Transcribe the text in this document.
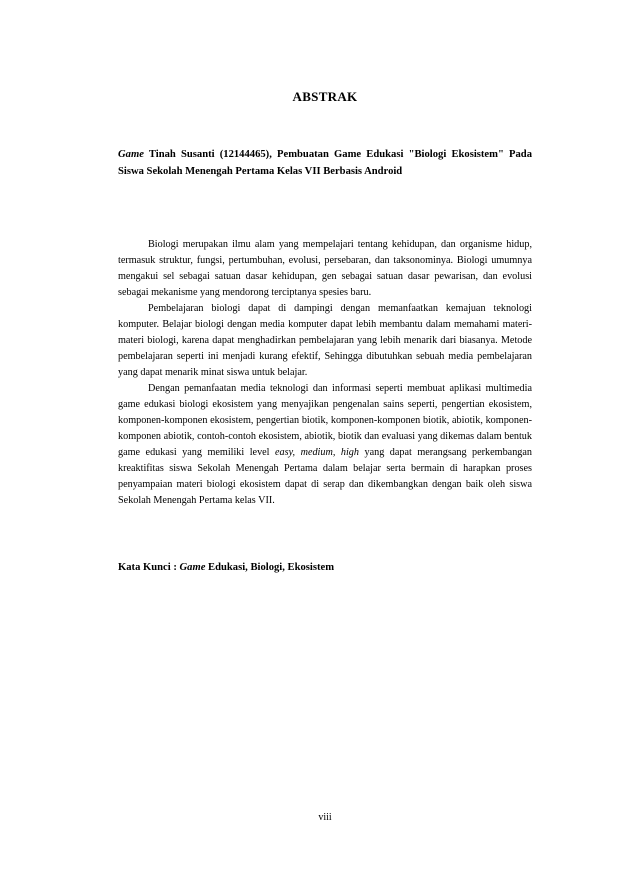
ABSTRAK
Game Tinah Susanti (12144465), Pembuatan Game Edukasi "Biologi Ekosistem" Pada Siswa Sekolah Menengah Pertama Kelas VII Berbasis Android

Biologi merupakan ilmu alam yang mempelajari tentang kehidupan, dan organisme hidup, termasuk struktur, fungsi, pertumbuhan, evolusi, persebaran, dan taksonominya. Biologi umumnya mengakui sel sebagai satuan dasar kehidupan, gen sebagai satuan dasar pewarisan, dan evolusi sebagai mekanisme yang mendorong terciptanya spesies baru.

Pembelajaran biologi dapat di dampingi dengan memanfaatkan kemajuan teknologi komputer. Belajar biologi dengan media komputer dapat lebih membantu dalam memahami materi-materi biologi, karena dapat menghadirkan pembelajaran yang lebih menarik dari biasanya. Metode pembelajaran seperti ini menjadi kurang efektif, Sehingga dibutuhkan sebuah media pembelajaran yang dapat menarik minat siswa untuk belajar.

Dengan pemanfaatan media teknologi dan informasi seperti membuat aplikasi multimedia game edukasi biologi ekosistem yang menyajikan pengenalan sains seperti, pengertian ekosistem, komponen-komponen ekosistem, pengertian biotik, komponen-komponen biotik, abiotik, komponen-komponen abiotik, contoh-contoh ekosistem, abiotik, biotik dan evaluasi yang dikemas dalam bentuk game edukasi yang memiliki level easy, medium, high yang dapat merangsang perkembangan kreaktifitas siswa Sekolah Menengah Pertama dalam belajar serta bermain di harapkan proses penyampaian materi biologi ekosistem dapat di serap dan dikembangkan dengan baik oleh siswa Sekolah Menengah Pertama kelas VII.

Kata Kunci : Game Edukasi, Biologi, Ekosistem
viii
